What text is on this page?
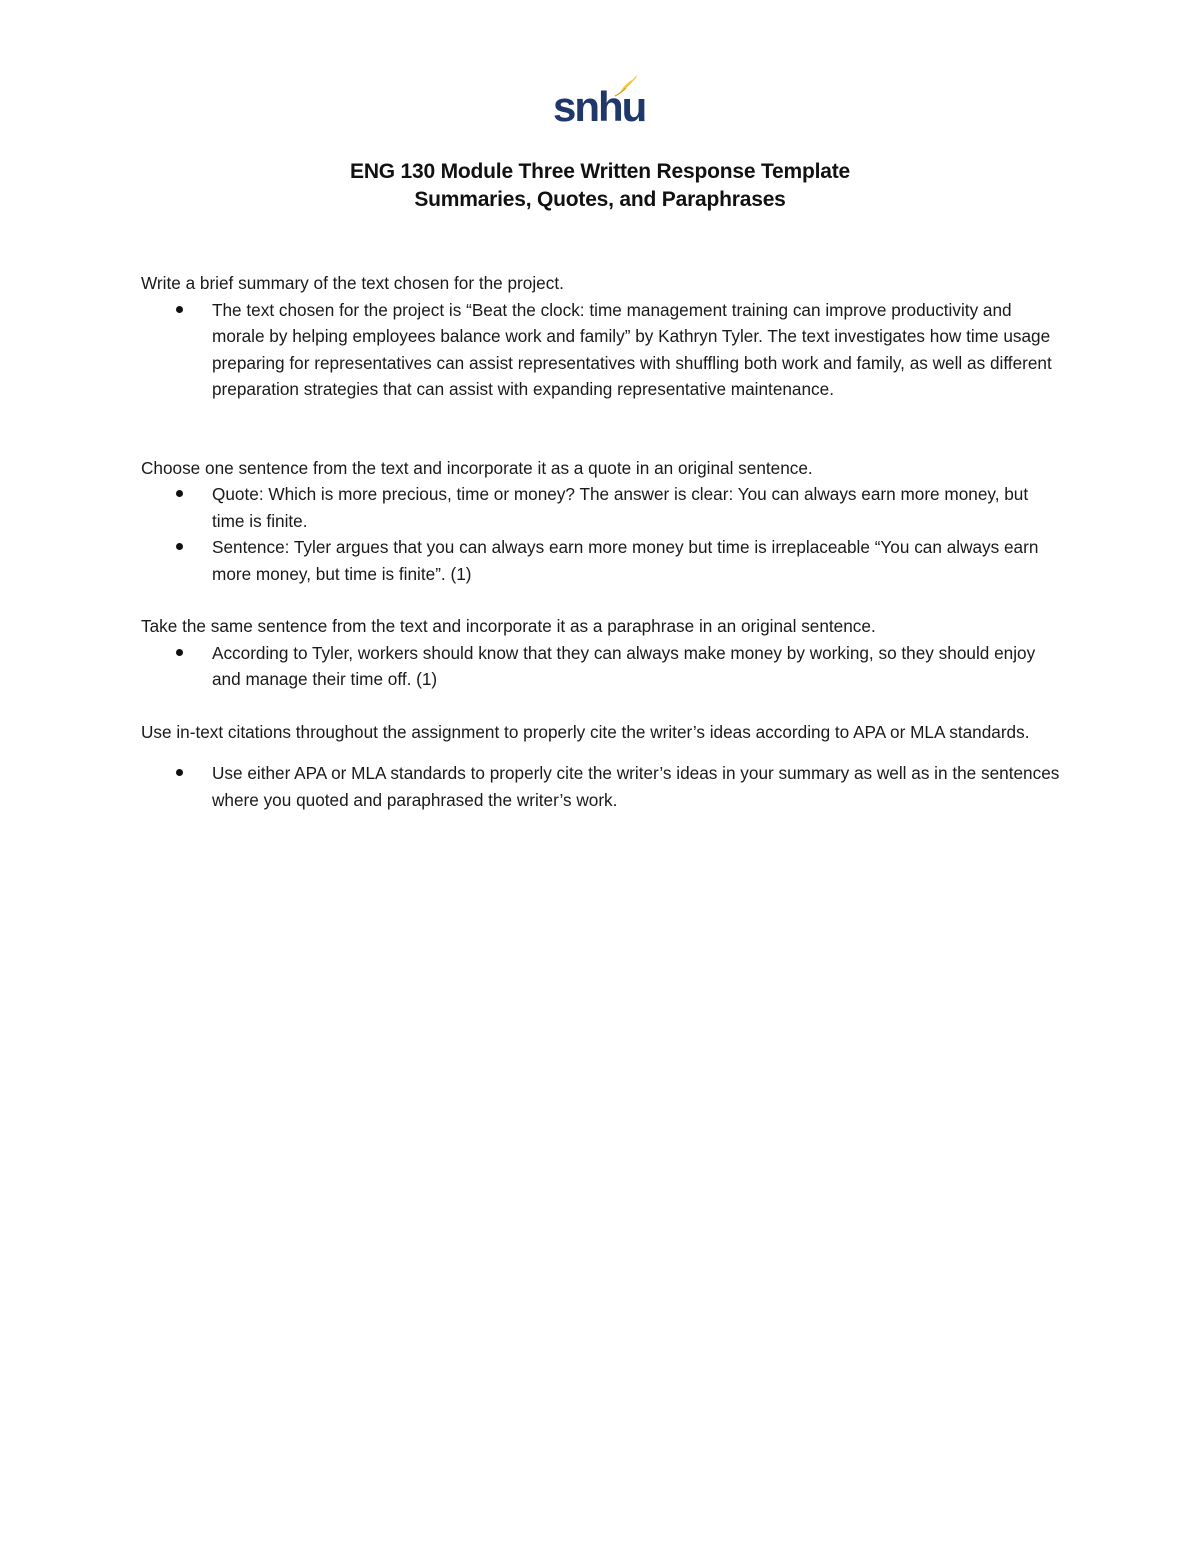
snhu
ENG 130 Module Three Written Response Template
Summaries, Quotes, and Paraphrases

Write a brief summary of the text chosen for the project.

The text chosen for the project is “Beat the clock: time management training can improve productivity and morale by helping employees balance work and family” by Kathryn Tyler. The text investigates how time usage preparing for representatives can assist representatives with shuffling both work and family, as well as different preparation strategies that can assist with expanding representative maintenance.

Choose one sentence from the text and incorporate it as a quote in an original sentence.

Quote: Which is more precious, time or money? The answer is clear: You can always earn more money, but time is finite.
Sentence: Tyler argues that you can always earn more money but time is irreplaceable “You can always earn more money, but time is finite”. (1)

Take the same sentence from the text and incorporate it as a paraphrase in an original sentence.

According to Tyler, workers should know that they can always make money by working, so they should enjoy and manage their time off. (1)

Use in-text citations throughout the assignment to properly cite the writer’s ideas according to APA or MLA standards.

Use either APA or MLA standards to properly cite the writer’s ideas in your summary as well as in the sentences where you quoted and paraphrased the writer’s work.
